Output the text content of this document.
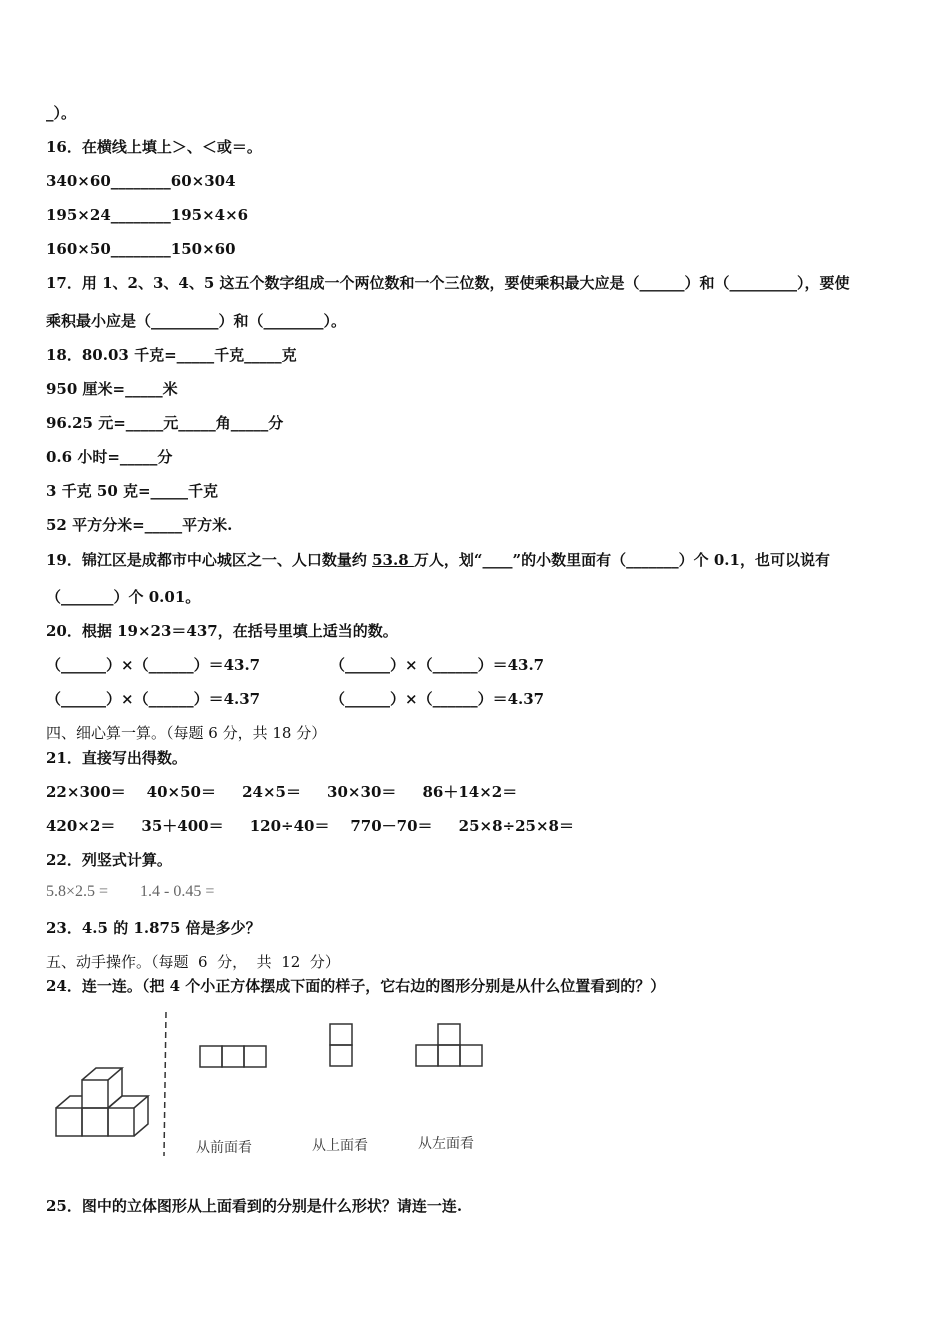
_）。
16．在横线上填上＞、＜或＝。
340×60________60×304
195×24________195×4×6
160×50________150×60
17．用 1、2、3、4、5 这五个数字组成一个两位数和一个三位数，要使乘积最大应是（______）和（_________），要使
乘积最小应是（_________）和（________）。
18．80.03 千克=_____千克_____克
950 厘米=_____米
96.25 元=_____元_____角_____分
0.6 小时=_____分
3 千克 50 克=_____千克
52 平方分米=_____平方米.
19．锦江区是成都市中心城区之一、人口数量约 53.8 万人，划“____”的小数里面有（_______）个 0.1，也可以说有
（_______）个 0.01。
20．根据 19×23＝437，在括号里填上适当的数。
（______）×（______）＝43.7	（______）×（______）＝43.7
（______）×（______）＝4.37	（______）×（______）＝4.37
四、细心算一算。（每题 6 分，共 18 分）
21．直接写出得数。
22×300＝    40×50＝     24×5＝     30×30＝     86＋14×2＝
420×2＝     35＋400＝     120÷40＝    770－70＝     25×8÷25×8＝
22．列竖式计算。
5.8×2.5 =        1.4 - 0.45 =
23．4.5 的 1.875 倍是多少？
五、动手操作。（每题  6  分，  共  12  分）
24．连一连。（把 4 个小正方体摆成下面的样子，它右边的图形分别是从什么位置看到的？）
从前面看	从上面看	从左面看
25．图中的立体图形从上面看到的分别是什么形状？请连一连.
